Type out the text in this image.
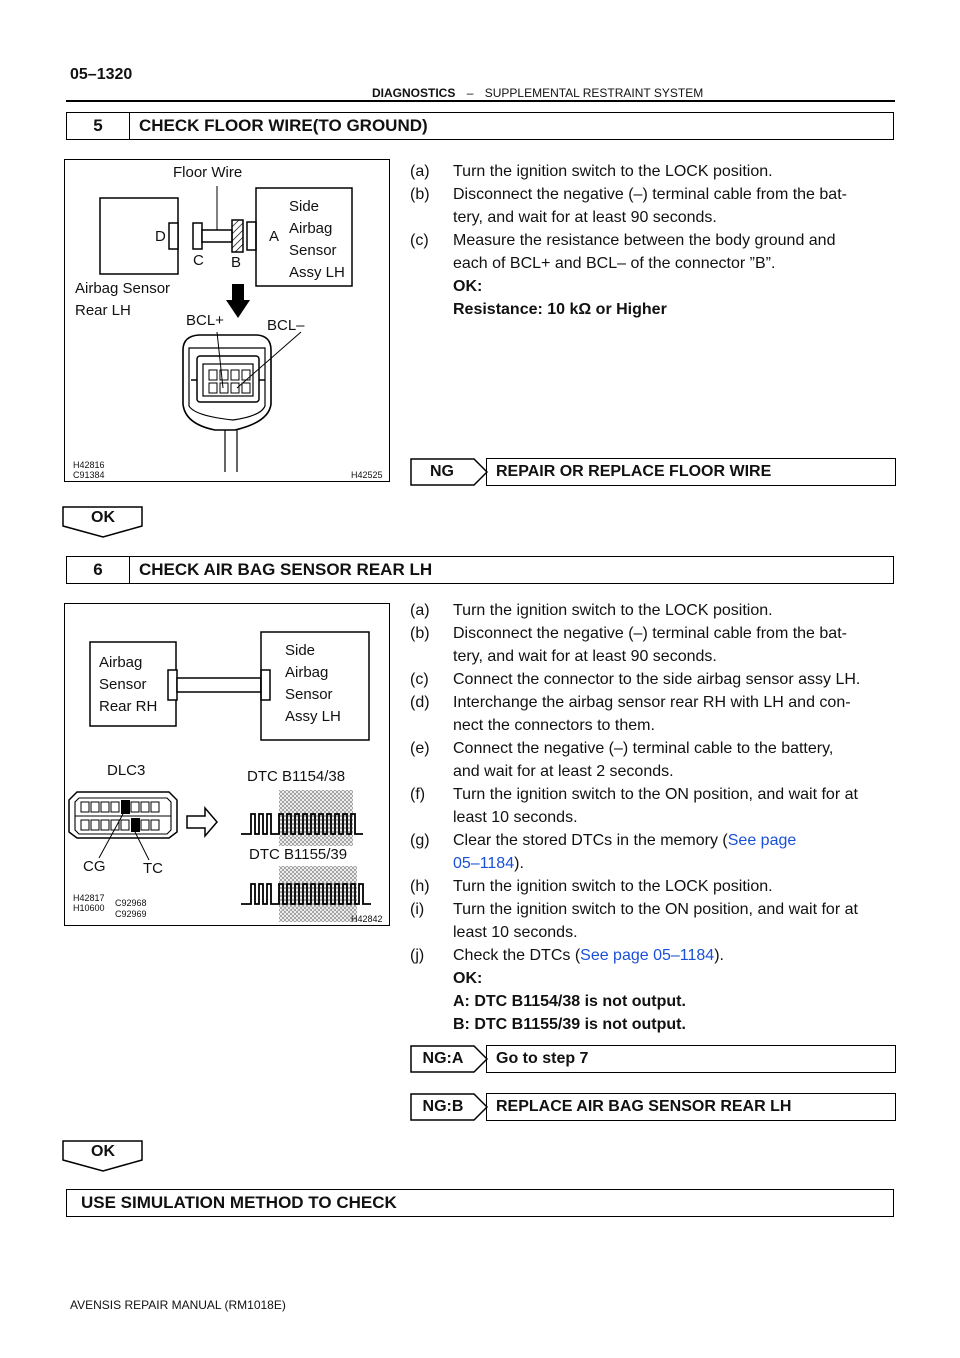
05–1320
DIAGNOSTICS – SUPPLEMENTAL RESTRAINT SYSTEM
5	CHECK FLOOR WIRE(TO GROUND)
Floor Wire
Side
Airbag
Sensor
Assy LH
D
C B
A
Airbag Sensor
Rear LH
BCL+	BCL–
H42816
C91384	H42525
(a)	Turn the ignition switch to the LOCK position.
(b)	Disconnect the negative (–) terminal cable from the bat-
tery, and wait for at least 90 seconds.
(c)	Measure the resistance between the body ground and
each of BCL+ and BCL– of the connector ”B”.
OK:
Resistance: 10 kΩ or Higher
NG	REPAIR OR REPLACE FLOOR WIRE
OK
6	CHECK AIR BAG SENSOR REAR LH
Airbag
Sensor
Rear RH
Side
Airbag
Sensor
Assy LH
DLC3
CG	TC
DTC B1154/38
DTC B1155/39
H42817
H10600 C92968
C92969	H42842
(a)	Turn the ignition switch to the LOCK position.
(b)	Disconnect the negative (–) terminal cable from the bat-
tery, and wait for at least 90 seconds.
(c)	Connect the connector to the side airbag sensor assy LH.
(d)	Interchange the airbag sensor rear RH with LH and con-
nect the connectors to them.
(e)	Connect the negative (–) terminal cable to the battery,
and wait for at least 2 seconds.
(f)	Turn the ignition switch to the ON position, and wait for at
least 10 seconds.
(g)	Clear the stored DTCs in the memory (See page
05–1184).
(h)	Turn the ignition switch to the LOCK position.
(i)	Turn the ignition switch to the ON position, and wait for at
least 10 seconds.
(j)	Check the DTCs (See page 05–1184).
OK:
A: DTC B1154/38 is not output.
B: DTC B1155/39 is not output.
NG:A	Go to step 7
NG:B	REPLACE AIR BAG SENSOR REAR LH
OK
USE SIMULATION METHOD TO CHECK
AVENSIS REPAIR MANUAL (RM1018E)
